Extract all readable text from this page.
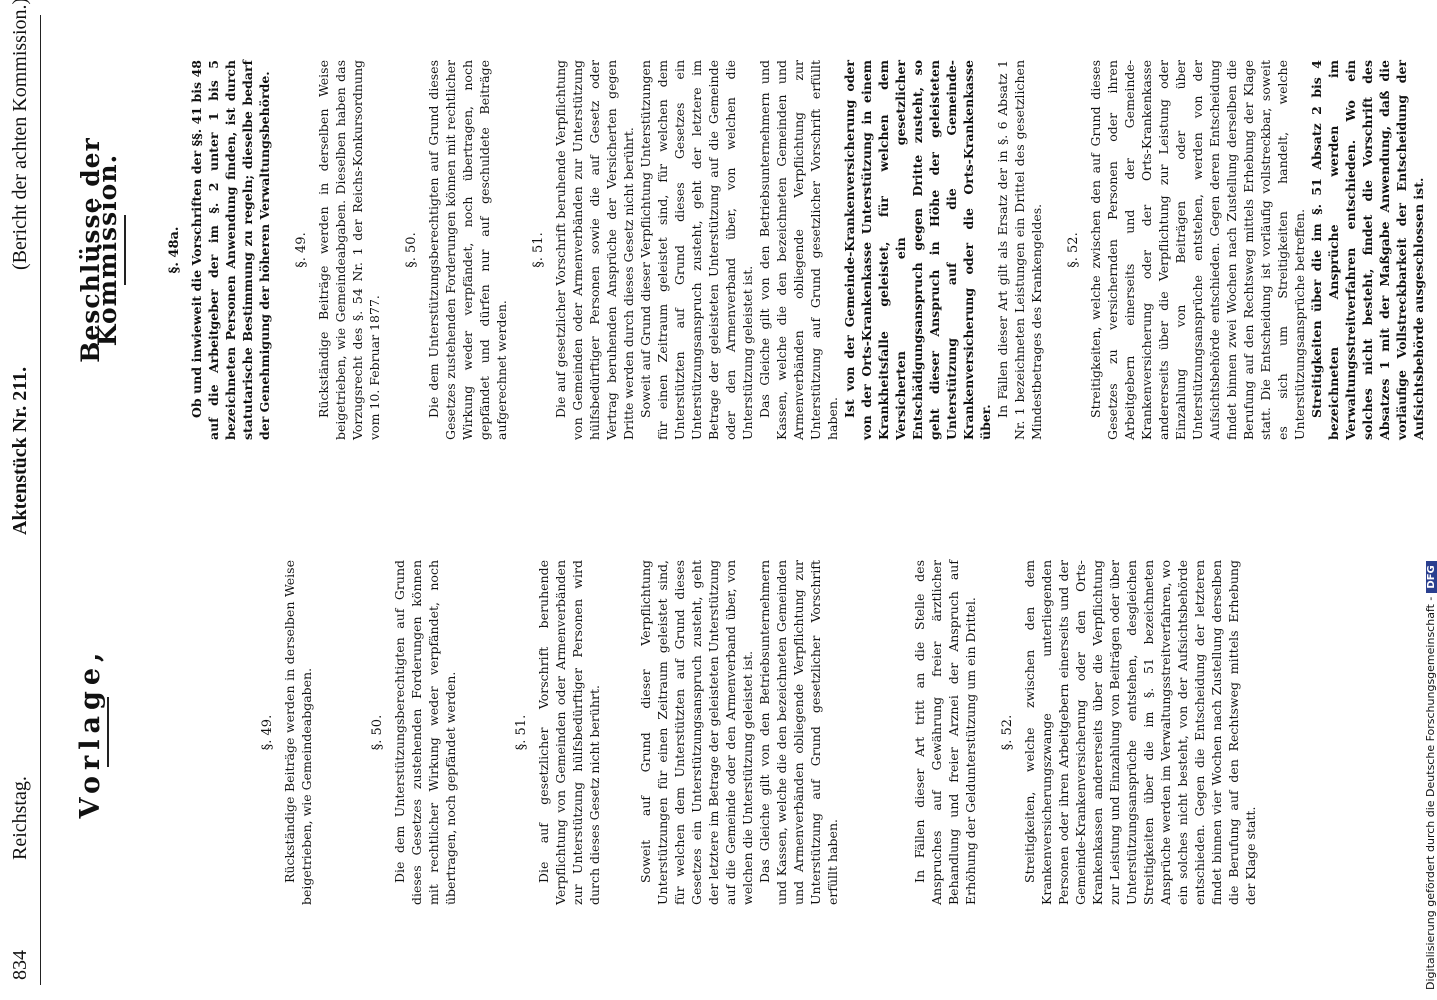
834
Reichstag.
Aktenstück Nr. 211.
( Bericht der achten Kommission. )
Vorlage,	§. 49. Rückständige Beiträge werden in derselben Weise beigetrieben, wie Gemeindeabgaben.	§. 50. Die dem Unterstützungsberechtigten auf Grund dieses Gesetzes zustehenden Forderungen können mit rechtlicher Wirkung weder verpfändet, noch übertragen, noch gepfändet werden.	§. 51. Die auf gesetzlicher Vorschrift beruhende Verpflichtung von Gemeinden oder Armenverbänden zur Unterstützung hülfsbedürftiger Personen wird durch dieses Gesetz nicht berührt.	Soweit auf Grund dieser Verpflichtung Unterstützungen für einen Zeitraum geleistet sind, für welchen dem Unterstützten auf Grund dieses Gesetzes ein Unterstützungsanspruch zusteht, geht der letztere im Betrage der geleisteten Unterstützung auf die Gemeinde oder den Armenverband über, von welchen die Unterstützung geleistet ist. Das Gleiche gilt von den Betriebsunternehmern und Kassen, welche die den bezeichneten Gemeinden und Armenverbänden obliegende Verpflichtung zur Unterstützung auf Grund gesetzlicher Vorschrift erfüllt haben.	In Fällen dieser Art tritt an die Stelle des Anspruches auf Gewährung freier ärztlicher Behandlung und freier Arznei der Anspruch auf Erhöhung der Geldunterstützung um ein Drittel. §. 52. Streitigkeiten, welche zwischen den dem Krankenversicherungszwange unterliegenden Personen oder ihren Arbeitgebern einerseits und der Gemeinde-Krankenversicherung oder den Orts-Krankenkassen andererseits über die Verpflichtung zur Leistung und Einzahlung von Beiträgen oder über Unterstützungsansprüche entstehen, desgleichen Streitigkeiten über die im §. 51 bezeichneten Ansprüche werden im Verwaltungsstreitverfahren, wo ein solches nicht besteht, von der Aufsichtsbehörde entschieden. Gegen die Entscheidung der letzteren findet binnen vier Wochen nach Zustellung derselben die Berufung auf den Rechtsweg mittels Erhebung der Klage statt.

Beschlüsse der Kommission.	§. 48a. Ob und inwieweit die Vorschriften der §§. 41 bis 48 auf die Arbeitgeber der im §. 2 unter 1 bis 5 bezeichneten Personen Anwendung finden, ist durch statutarische Bestimmung zu regeln; dieselbe bedarf der Genehmigung der höheren Verwaltungsbehörde. §. 49. Rückständige Beiträge werden in derselben Weise beigetrieben, wie Gemeindeabgaben. Dieselben haben das Vorzugsrecht des §. 54 Nr. 1 der Reichs-Konkursordnung vom 10. Februar 1877.

§. 50. Die dem Unterstützungsberechtigten auf Grund dieses Gesetzes zustehenden Forderungen können mit rechtlicher Wirkung weder verpfändet, noch übertragen, noch gepfändet und dürfen nur auf geschuldete Beiträge aufgerechnet werden.

§. 51. Die auf gesetzlicher Vorschrift beruhende Verpflichtung von Gemeinden oder Armenverbänden zur Unterstützung hülfsbedürftiger Personen sowie die auf Gesetz oder Vertrag beruhenden Ansprüche der Versicherten gegen Dritte werden durch dieses Gesetz nicht berührt. Soweit auf Grund dieser Verpflichtung Unterstützungen für einen Zeitraum geleistet sind, für welchen dem Unterstützten auf Grund dieses Gesetzes ein Unterstützungsanspruch zusteht, geht der letztere im Betrage der geleisteten Unterstützung auf die Gemeinde oder den Armenverband über, von welchen die Unterstützung geleistet ist. Das Gleiche gilt von den Betriebsunternehmern und Kassen, welche die den bezeichneten Gemeinden und Armenverbänden obliegende Verpflichtung zur Unterstützung auf Grund gesetzlicher Vorschrift erfüllt haben.

Ist von der Gemeinde-Krankenversicherung oder von der Orts-Krankenkasse Unterstützung in einem Krankheitsfalle geleistet, für welchen dem Versicherten ein gesetzlicher Entschädigungsanspruch gegen Dritte zusteht, so geht dieser Anspruch in Höhe der geleisteten Unterstützung auf die Gemeinde-Krankenversicherung oder die Orts-Krankenkasse über.

In Fällen dieser Art gilt als Ersatz der in §. 6 Absatz 1 Nr. 1 bezeichneten Leistungen ein Drittel des gesetzlichen Mindestbetrages des Krankengeldes. §. 52. Streitigkeiten, welche zwischen den auf Grund dieses Gesetzes zu versichernden Personen oder ihren Arbeitgebern einerseits und der Gemeinde-Krankenversicherung oder der Orts-Krankenkasse andererseits über die Verpflichtung zur Leistung oder Einzahlung von Beiträgen oder über Unterstützungsansprüche entstehen, werden von der Aufsichtsbehörde entschieden. Gegen deren Entscheidung findet binnen zwei Wochen nach Zustellung derselben die Berufung auf den Rechtsweg mittels Erhebung der Klage statt. Die Entscheidung ist vorläufig vollstreckbar, soweit es sich um Streitigkeiten handelt, welche Unterstützungsansprüche betreffen. Streitigkeiten über die im §. 51 Absatz 2 bis 4 bezeichneten Ansprüche werden im Verwaltungsstreitverfahren entschieden. Wo ein solches nicht besteht, findet die Vorschrift des Absatzes 1 mit der Maßgabe Anwendung, daß die vorläufige Vollstreckbarkeit der Entscheidung der Aufsichtsbehörde ausgeschlossen ist.

Digitalisierung gefördert durch die Deutsche Forschungsgemeinschaft -DFG
